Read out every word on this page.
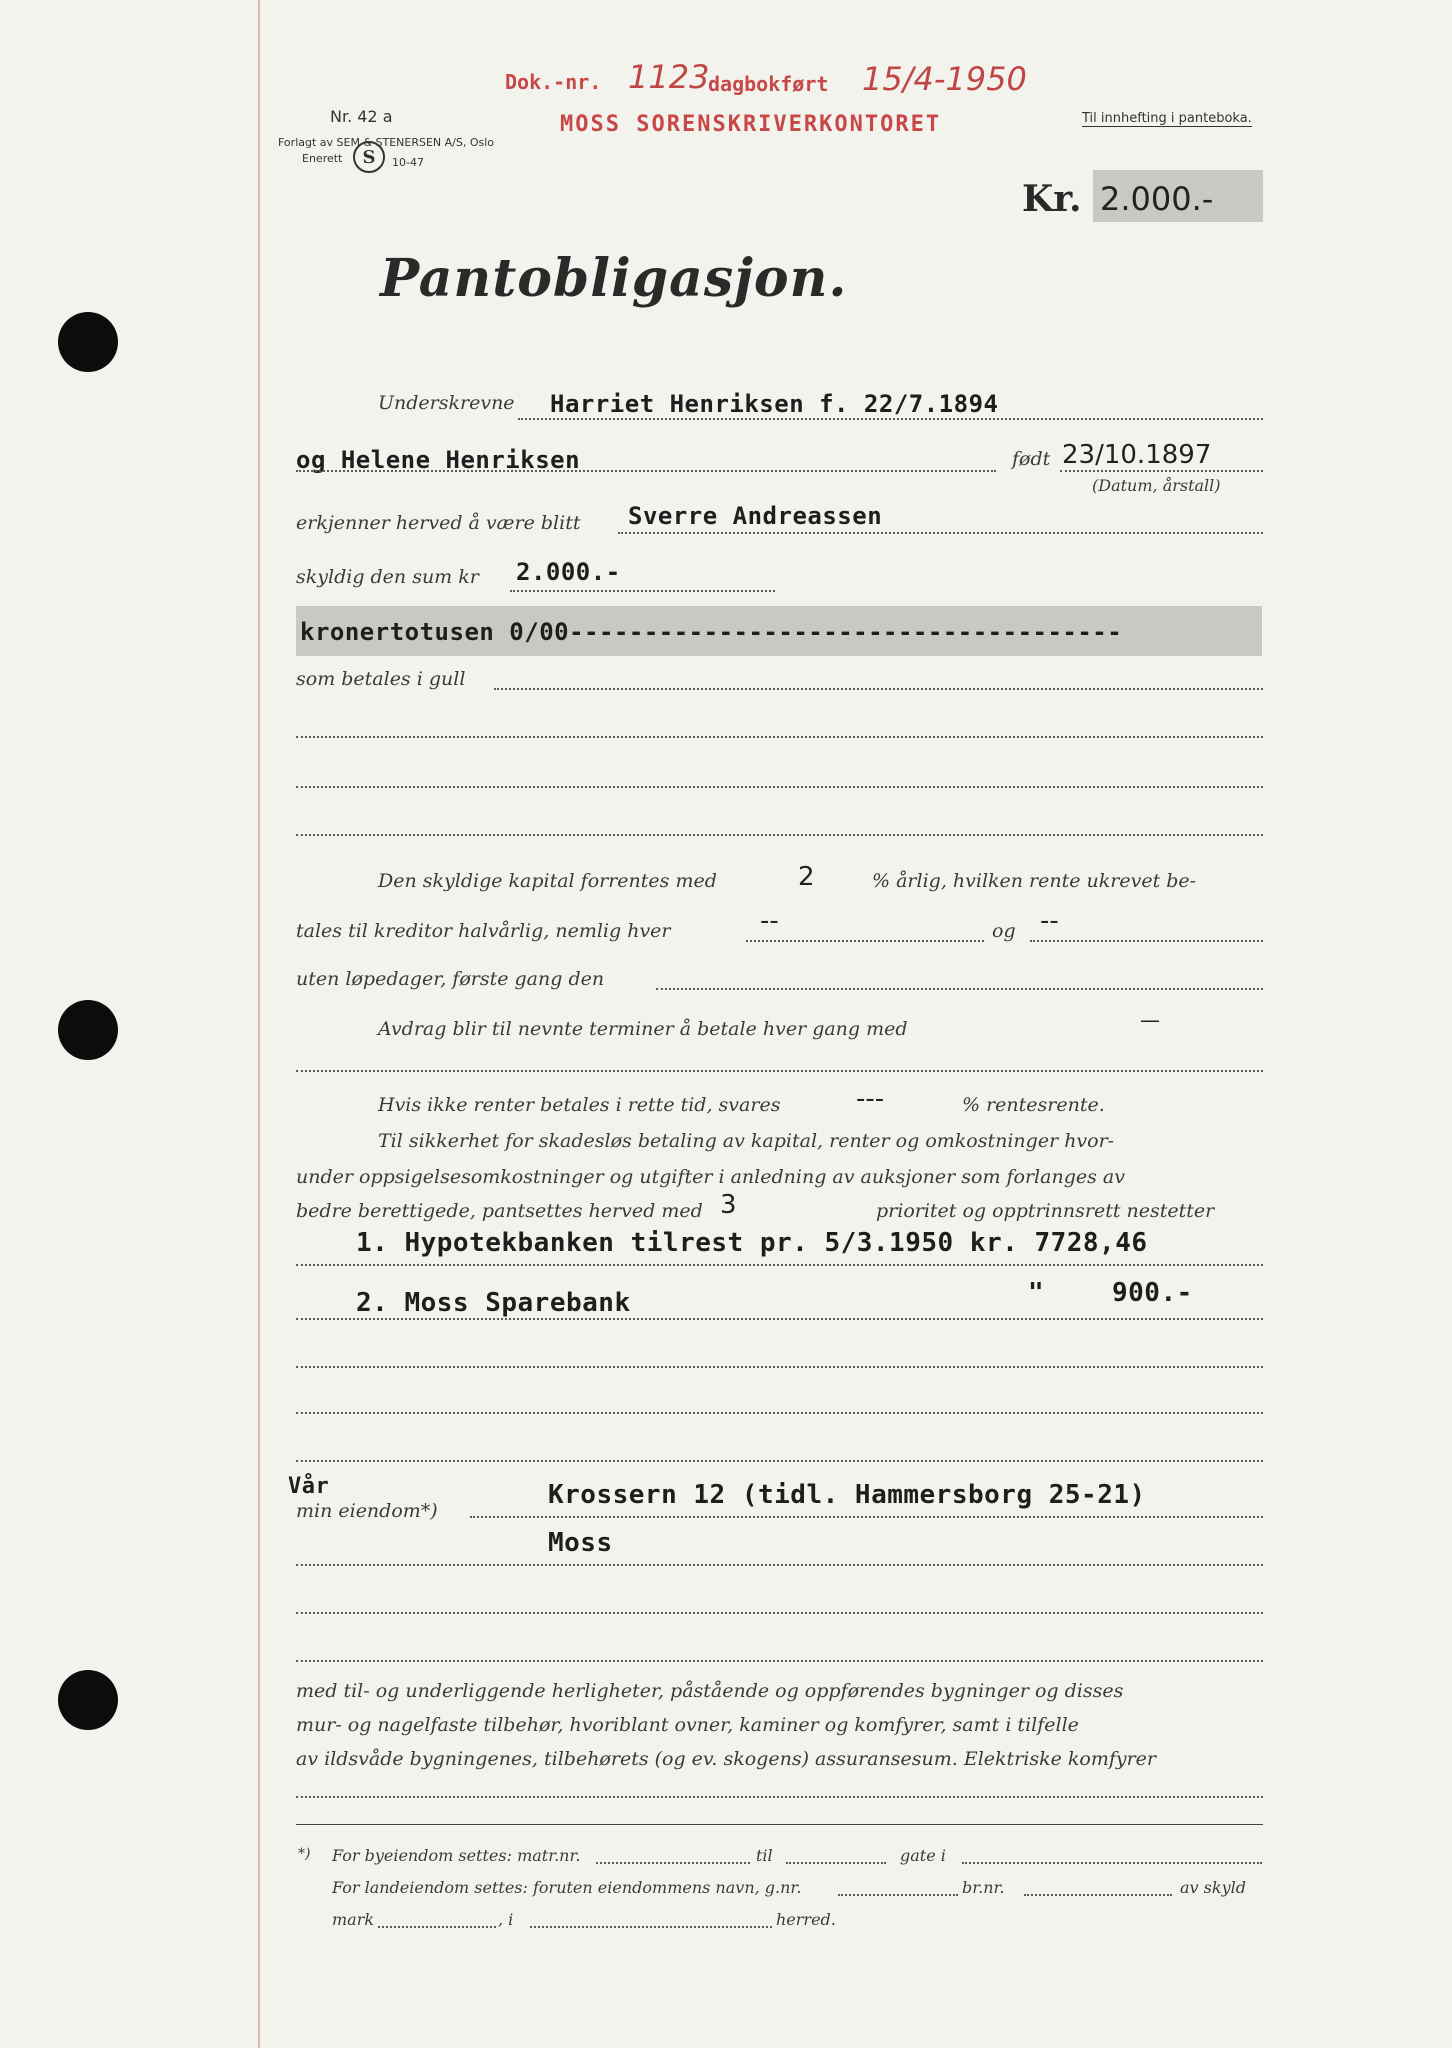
Nr. 42 a
Forlagt av SEM & STENERSEN A/S, Oslo
Enerett S 10-47
Dok.-nr. 1123
dagbokført 15/4-1950
MOSS SORENSKRIVERKONTORET	Til innhefting i panteboka.
Kr. 2.000.-
Pantobligasjon.
Underskrevne Harriet Henriksen f. 22/7.1894
og Helene Henriksen	født 23/10.1897
(Datum, årstall)
erkjenner herved å være blitt Sverre Andreassen
skyldig den sum kr 2.000.-
kronertotusen 0/00-------------------------------------
som betales i gull
Den skyldige kapital forrentes med	2	% årlig, hvilken rente ukrevet be-
tales til kreditor halvårlig, nemlig hver	--	og --
uten løpedager, første gang den
Avdrag blir til nevnte terminer å betale hver gang med	—
Hvis ikke renter betales i rette tid, svares	---	% rentesrente.
Til sikkerhet for skadesløs betaling av kapital, renter og omkostninger hvor-
under oppsigelsesomkostninger og utgifter i anledning av auksjoner som forlanges av
bedre berettigede, pantsettes herved med 3	prioritet og opptrinnsrett nestetter
1. Hypotekbanken tilrest pr. 5/3.1950 kr. 7728,46
2. Moss Sparebank	"	900.-
Vår
min eiendom*)
Krossern 12 (tidl. Hammersborg 25-21)
Moss
med til- og underliggende herligheter, påstående og oppførendes bygninger og disses
mur- og nagelfaste tilbehør, hvoriblant ovner, kaminer og komfyrer, samt i tilfelle
av ildsvåde bygningenes, tilbehørets (og ev. skogens) assuransesum. Elektriske komfyrer
*) For byeiendom settes: matr.nr.	til	gate i
For landeiendom settes: foruten eiendommens navn, g.nr.	br.nr.	av skyld
mark	, i	herred.
